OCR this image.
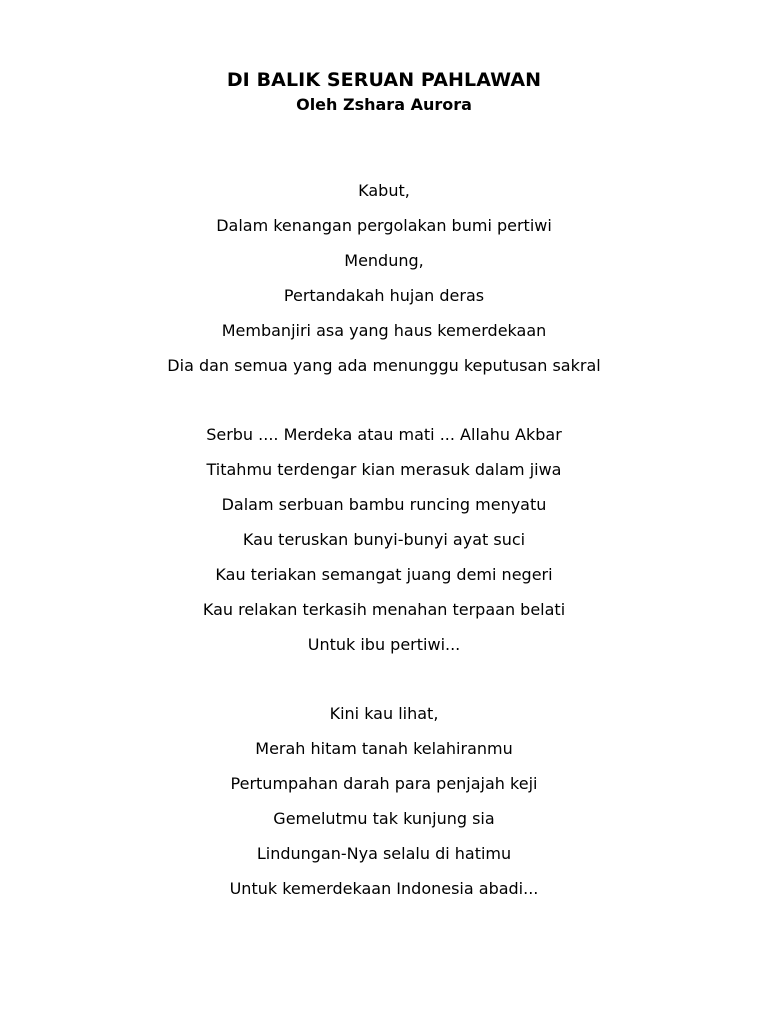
DI BALIK SERUAN PAHLAWAN
Oleh Zshara Aurora
Kabut,
Dalam kenangan pergolakan bumi pertiwi
Mendung,
Pertandakah hujan deras
Membanjiri asa yang haus kemerdekaan
Dia dan semua yang ada menunggu keputusan sakral
Serbu .... Merdeka atau mati ... Allahu Akbar
Titahmu terdengar kian merasuk dalam jiwa
Dalam serbuan bambu runcing menyatu
Kau teruskan bunyi-bunyi ayat suci
Kau teriakan semangat juang demi negeri
Kau relakan terkasih menahan terpaan belati
Untuk ibu pertiwi...
Kini kau lihat,
Merah hitam tanah kelahiranmu
Pertumpahan darah para penjajah keji
Gemelutmu tak kunjung sia
Lindungan-Nya selalu di hatimu
Untuk kemerdekaan Indonesia abadi...
